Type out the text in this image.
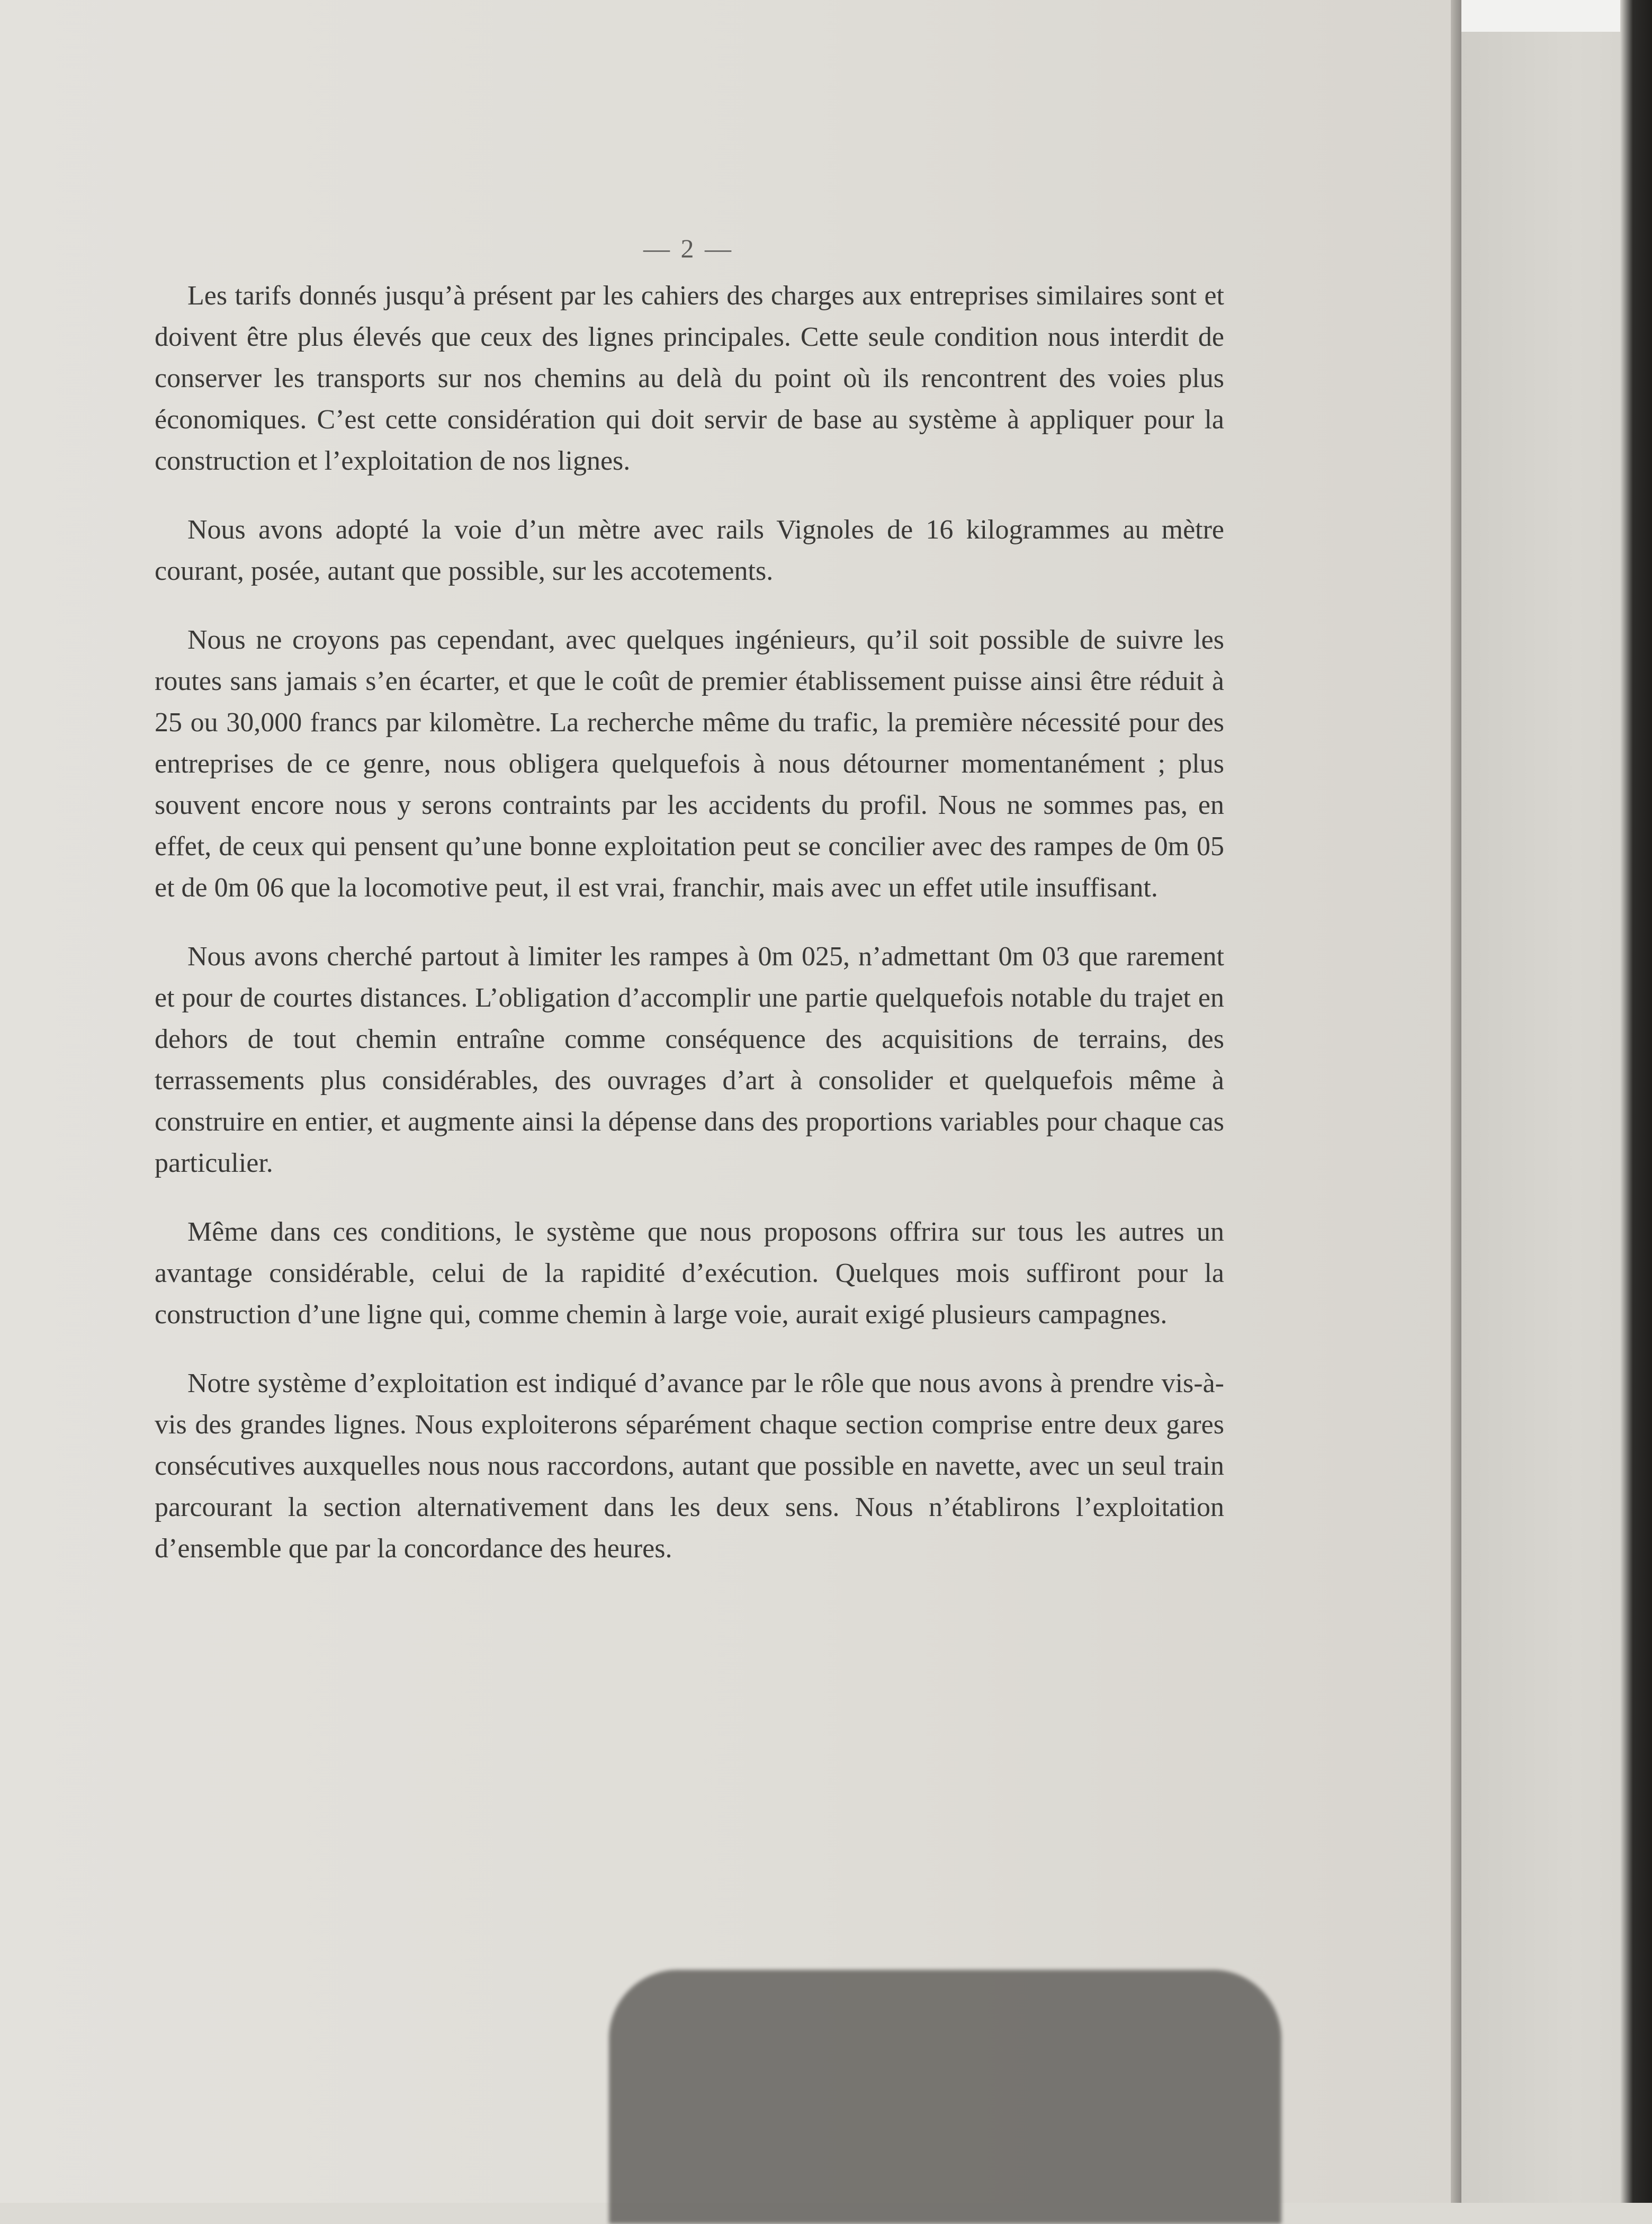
— 2 —

Les tarifs donnés jusqu’à présent par les cahiers des charges aux entreprises similaires sont et doivent être plus élevés que ceux des lignes principales. Cette seule condition nous interdit de conserver les transports sur nos chemins au delà du point où ils rencontrent des voies plus économiques. C’est cette considération qui doit servir de base au système à appliquer pour la construction et l’exploitation de nos lignes.

Nous avons adopté la voie d’un mètre avec rails Vignoles de 16 kilogrammes au mètre courant, posée, autant que possible, sur les accotements.

Nous ne croyons pas cependant, avec quelques ingénieurs, qu’il soit possible de suivre les routes sans jamais s’en écarter, et que le coût de premier établissement puisse ainsi être réduit à 25 ou 30,000 francs par kilomètre. La recherche même du trafic, la première nécessité pour des entreprises de ce genre, nous obligera quelquefois à nous détourner momentanément ; plus souvent encore nous y serons contraints par les accidents du profil. Nous ne sommes pas, en effet, de ceux qui pensent qu’une bonne exploitation peut se concilier avec des rampes de 0m 05 et de 0m 06 que la locomotive peut, il est vrai, franchir, mais avec un effet utile insuffisant.

Nous avons cherché partout à limiter les rampes à 0m 025, n’admettant 0m 03 que rarement et pour de courtes distances. L’obligation d’accomplir une partie quelquefois notable du trajet en dehors de tout chemin entraîne comme conséquence des acquisitions de terrains, des terrassements plus considérables, des ouvrages d’art à consolider et quelquefois même à construire en entier, et augmente ainsi la dépense dans des proportions variables pour chaque cas particulier.

Même dans ces conditions, le système que nous proposons offrira sur tous les autres un avantage considérable, celui de la rapidité d’exécution. Quelques mois suffiront pour la construction d’une ligne qui, comme chemin à large voie, aurait exigé plusieurs campagnes.

Notre système d’exploitation est indiqué d’avance par le rôle que nous avons à prendre vis-à-vis des grandes lignes. Nous exploiterons séparément chaque section comprise entre deux gares consécutives auxquelles nous nous raccordons, autant que possible en navette, avec un seul train parcourant la section alternativement dans les deux sens. Nous n’établirons l’exploitation d’ensemble que par la concordance des heures.
